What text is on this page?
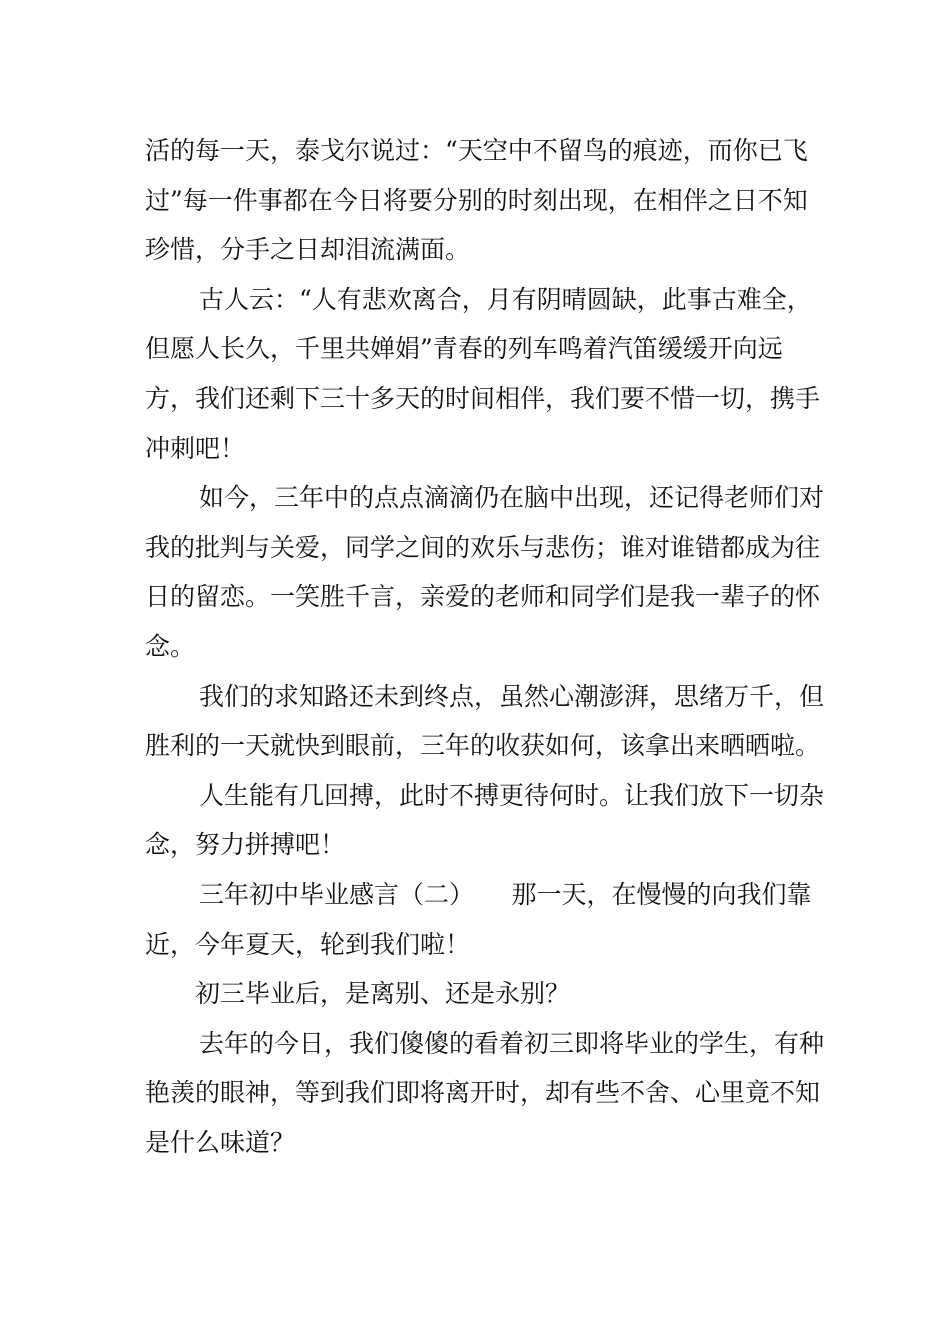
活的每一天，泰戈尔说过：“天空中不留鸟的痕迹，而你已飞过”每一件事都在今日将要分别的时刻出现，在相伴之日不知珍惜，分手之日却泪流满面。

古人云：“人有悲欢离合，月有阴晴圆缺，此事古难全，但愿人长久，千里共婵娟”青春的列车鸣着汽笛缓缓开向远方，我们还剩下三十多天的时间相伴，我们要不惜一切，携手冲刺吧！

如今，三年中的点点滴滴仍在脑中出现，还记得老师们对我的批判与关爱，同学之间的欢乐与悲伤；谁对谁错都成为往日的留恋。一笑胜千言，亲爱的老师和同学们是我一辈子的怀念。

我们的求知路还未到终点，虽然心潮澎湃，思绪万千，但胜利的一天就快到眼前，三年的收获如何，该拿出来晒晒啦。

人生能有几回搏，此时不搏更待何时。让我们放下一切杂念，努力拼搏吧！

三年初中毕业感言（二）　　那一天，在慢慢的向我们靠近，今年夏天，轮到我们啦！

初三毕业后，是离别、还是永别？

去年的今日，我们傻傻的看着初三即将毕业的学生，有种艳羡的眼神，等到我们即将离开时，却有些不舍、心里竟不知是什么味道？
